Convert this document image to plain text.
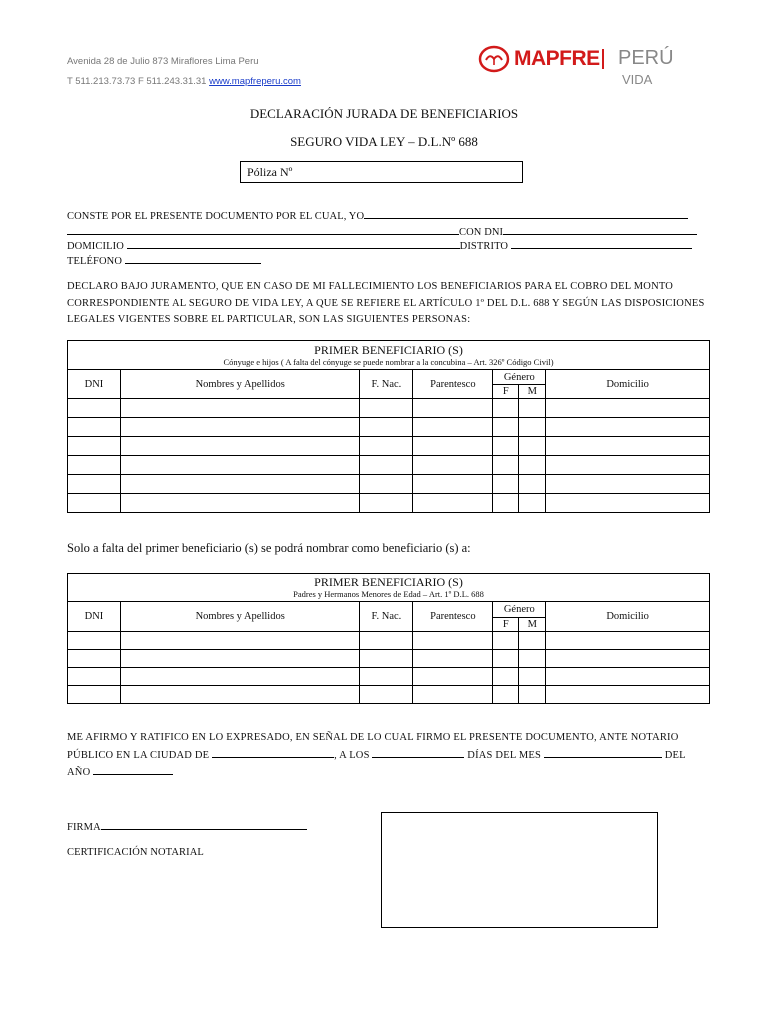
Avenida 28 de Julio 873 Miraflores Lima Peru
T 511.213.73.73 F 511.243.31.31 www.mapfreperu.com
MAPFRE PERÚ
VIDA
DECLARACIÓN JURADA DE BENEFICIARIOS
SEGURO VIDA LEY – D.L.Nº 688
Póliza Nº
CONSTE POR EL PRESENTE DOCUMENTO POR EL CUAL, YO
CON DNI
DOMICILIO	DISTRITO
TELÉFONO
DECLARO BAJO JURAMENTO, QUE EN CASO DE MI FALLECIMIENTO LOS BENEFICIARIOS PARA EL COBRO DEL MONTO
CORRESPONDIENTE AL SEGURO DE VIDA LEY, A QUE SE REFIERE EL ARTÍCULO 1º DEL D.L. 688 Y SEGÚN LAS DISPOSICIONES
LEGALES VIGENTES SOBRE EL PARTICULAR, SON LAS SIGUIENTES PERSONAS:
PRIMER BENEFICIARIO (S)
Cónyuge e hijos ( A falta del cónyuge se puede nombrar a la concubina – Art. 326º Código Civil)						

DNI	Nombres y Apellidos	F. Nac.	Parentesco	Género		Domicilio
				F	M	

Solo a falta del primer beneficiario (s) se podrá nombrar como beneficiario (s) a:
PRIMER BENEFICIARIO (S)
Padres y Hermanos Menores de Edad – Art. 1º D.L. 688						

DNI	Nombres y Apellidos	F. Nac.	Parentesco	Género		Domicilio
				F	M	

ME AFIRMO Y RATIFICO EN LO EXPRESADO, EN SEÑAL DE LO CUAL FIRMO EL PRESENTE DOCUMENTO, ANTE NOTARIO
PÚBLICO EN LA CIUDAD DE	, A LOS	DÍAS DEL MES	DEL
AÑO
FIRMA
CERTIFICACIÓN NOTARIAL
